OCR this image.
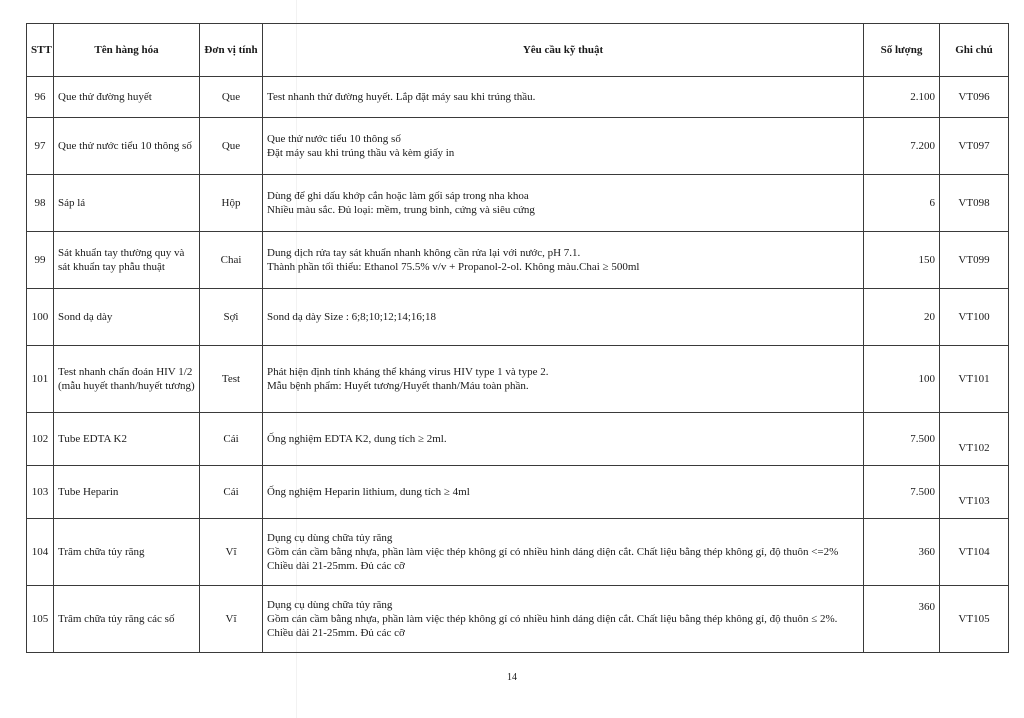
STT	Tên hàng hóa	Đơn vị tính	Yêu cầu kỹ thuật	Số lượng	Ghi chú
96	Que thử đường huyết	Que	Test nhanh thử đường huyết. Lắp đặt máy sau khi trúng thầu.	2.100	VT096
97	Que thử nước tiểu 10 thông số	Que	Que thử nước tiểu 10 thông số
Đặt máy sau khi trúng thầu và kèm giấy in	7.200	VT097
98	Sáp lá	Hộp	Dùng để ghi dấu khớp cắn hoặc làm gối sáp trong nha khoa
Nhiều màu sắc. Đủ loại: mềm, trung bình, cứng và siêu cứng	6	VT098
99	Sát khuẩn tay thường quy và sát khuẩn tay phẫu thuật	Chai	Dung dịch rửa tay sát khuẩn nhanh không cần rửa lại với nước, pH 7.1.
Thành phần tối thiểu: Ethanol 75.5% v/v + Propanol-2-ol. Không màu.Chai ≥ 500ml	150	VT099
100	Sond dạ dày	Sợi	Sond dạ dày Size : 6;8;10;12;14;16;18	20	VT100
101	Test nhanh chẩn đoán HIV 1/2 (mẫu huyết thanh/huyết tương)	Test	Phát hiện định tính kháng thể kháng virus HIV type 1 và type 2.
Mẫu bệnh phẩm: Huyết tương/Huyết thanh/Máu toàn phần.	100	VT101
102	Tube EDTA K2	Cái	Ống nghiệm EDTA K2, dung tích ≥ 2ml.	7.500	VT102
103	Tube Heparin	Cái	Ống nghiệm Heparin lithium, dung tích ≥ 4ml	7.500	VT103
104	Trâm chữa tủy răng	Vĩ	Dụng cụ dùng chữa tủy răng
Gồm cán cầm bằng nhựa, phần làm việc thép không gỉ có nhiều hình dáng diện cắt. Chất liệu bằng thép không gỉ, độ thuôn <=2%
Chiều dài 21-25mm. Đủ các cỡ	360	VT104
105	Trâm chữa tủy răng các số	Vĩ	Dụng cụ dùng chữa tủy răng
Gồm cán cầm bằng nhựa, phần làm việc thép không gỉ có nhiều hình dáng diện cắt. Chất liệu bằng thép không gỉ, độ thuôn ≤ 2%. Chiều dài 21-25mm. Đủ các cỡ	360	VT105
14
